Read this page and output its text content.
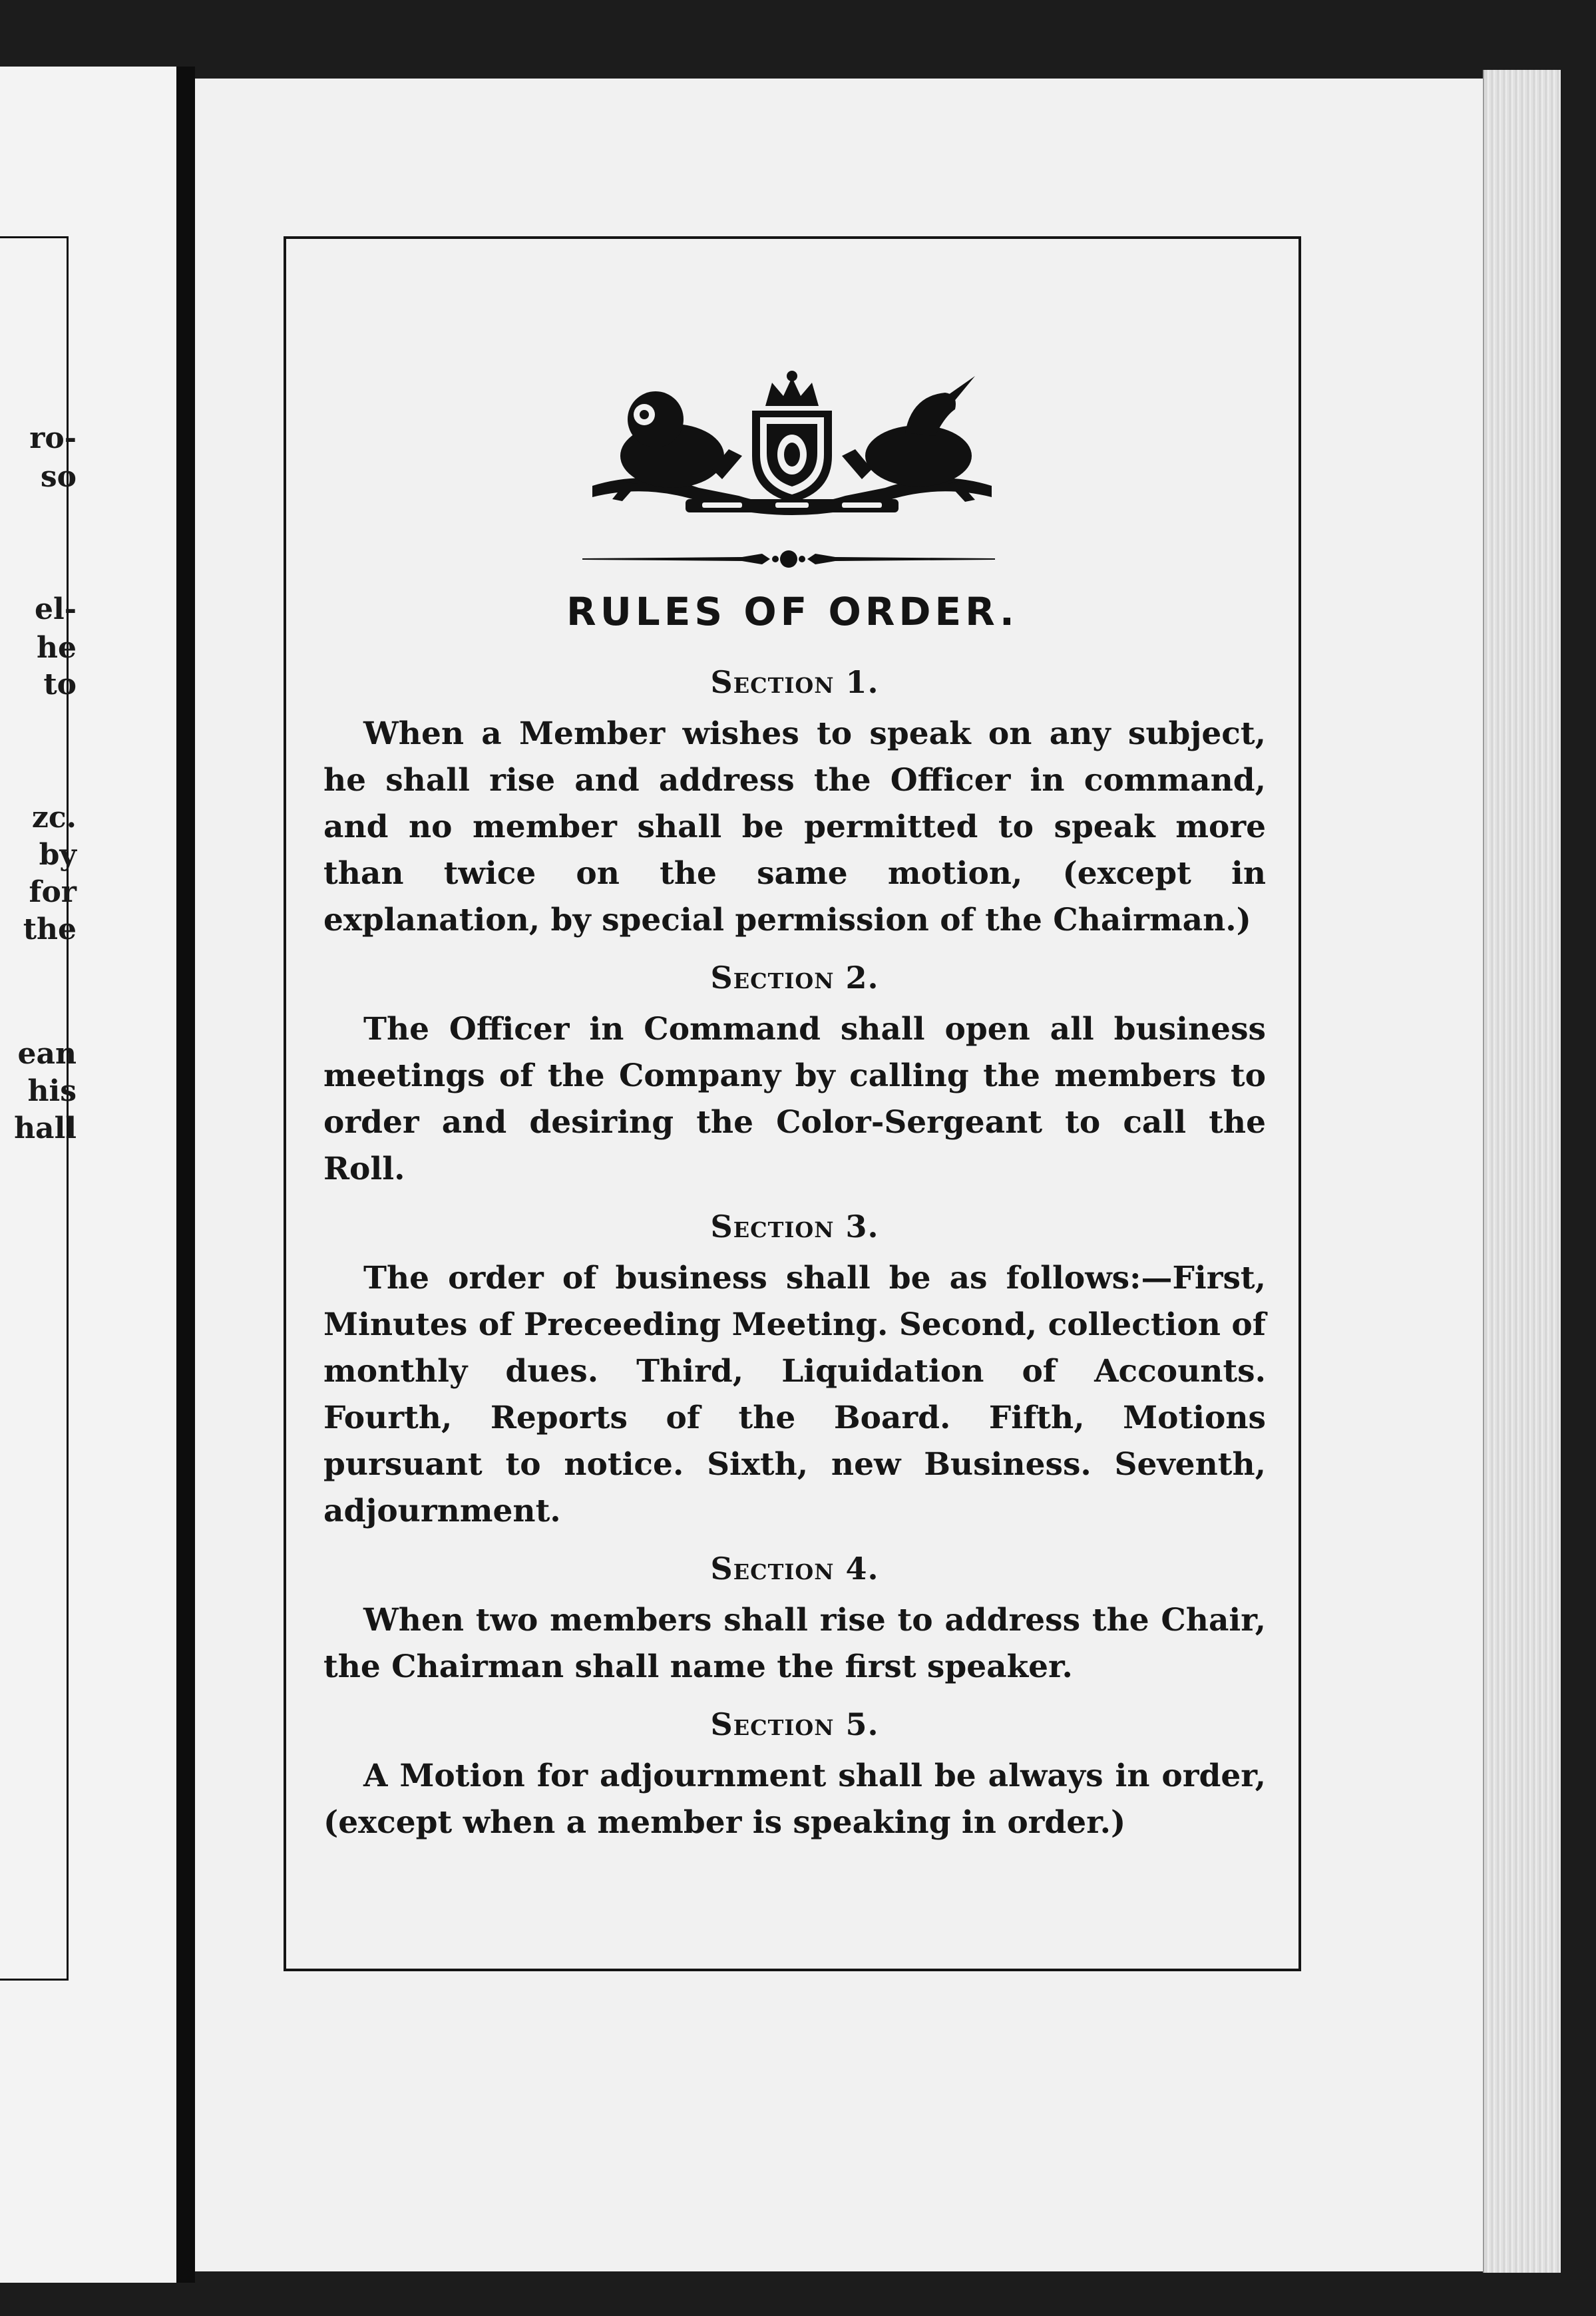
ro-
so
el-
he
to
zc.
by
for
the
ean
his
hall
RULES OF ORDER.
Section 1.

When a Member wishes to speak on any subject, he shall rise and address the Officer in command, and no member shall be permitted to speak more than twice on the same motion, (except in explanation, by special permission of the Chairman.)

Section 2.

The Officer in Command shall open all business meetings of the Company by calling the members to order and desiring the Color-Sergeant to call the Roll.

Section 3.

The order of business shall be as follows:—First, Minutes of Preceeding Meeting. Second, collection of monthly dues. Third, Liquidation of Accounts. Fourth, Reports of the Board. Fifth, Motions pursuant to notice. Sixth, new Business. Seventh, adjournment.

Section 4.

When two members shall rise to address the Chair, the Chairman shall name the first speaker.

Section 5.

A Motion for adjournment shall be always in order, (except when a member is speaking in order.)
